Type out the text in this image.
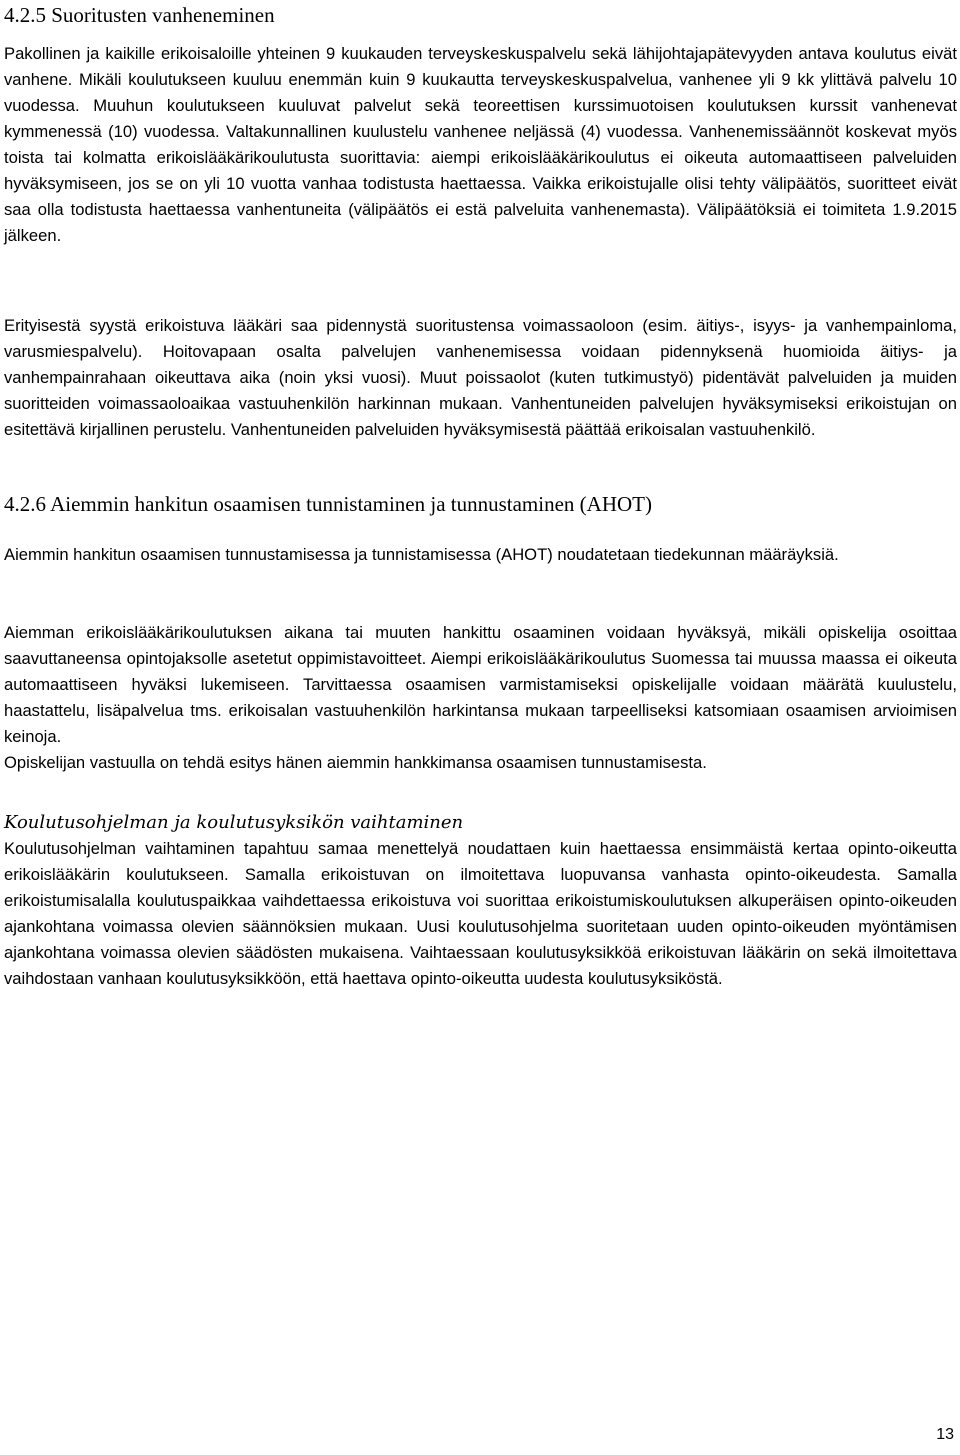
4.2.5 Suoritusten vanheneminen

Pakollinen ja kaikille erikoisaloille yhteinen 9 kuukauden terveyskeskuspalvelu sekä lähijohtajapätevyyden antava koulutus eivät vanhene. Mikäli koulutukseen kuuluu enemmän kuin 9 kuukautta terveyskeskuspalvelua, vanhenee yli 9 kk ylittävä palvelu 10 vuodessa. Muuhun koulutukseen kuuluvat palvelut sekä teoreettisen kurssimuotoisen koulutuksen kurssit vanhenevat kymmenessä (10) vuodessa. Valtakunnallinen kuulustelu vanhenee neljässä (4) vuodessa. Vanhenemissäännöt koskevat myös toista tai kolmatta erikoislääkärikoulutusta suorittavia: aiempi erikoislääkärikoulutus ei oikeuta automaattiseen palveluiden hyväksymiseen, jos se on yli 10 vuotta vanhaa todistusta haettaessa. Vaikka erikoistujalle olisi tehty välipäätös, suoritteet eivät saa olla todistusta haettaessa vanhentuneita (välipäätös ei estä palveluita vanhenemasta). Välipäätöksiä ei toimiteta 1.9.2015 jälkeen.

Erityisestä syystä erikoistuva lääkäri saa pidennystä suoritustensa voimassaoloon (esim. äitiys-, isyys- ja vanhempainloma, varusmiespalvelu). Hoitovapaan osalta palvelujen vanhenemisessa voidaan pidennyksenä huomioida äitiys- ja vanhempainrahaan oikeuttava aika (noin yksi vuosi). Muut poissaolot (kuten tutkimustyö) pidentävät palveluiden ja muiden suoritteiden voimassaoloaikaa vastuuhenkilön harkinnan mukaan. Vanhentuneiden palvelujen hyväksymiseksi erikoistujan on esitettävä kirjallinen perustelu. Vanhentuneiden palveluiden hyväksymisestä päättää erikoisalan vastuuhenkilö.

4.2.6 Aiemmin hankitun osaamisen tunnistaminen ja tunnustaminen (AHOT)

Aiemmin hankitun osaamisen tunnustamisessa ja tunnistamisessa (AHOT) noudatetaan tiedekunnan määräyksiä.

Aiemman erikoislääkärikoulutuksen aikana tai muuten hankittu osaaminen voidaan hyväksyä, mikäli opiskelija osoittaa saavuttaneensa opintojaksolle asetetut oppimistavoitteet. Aiempi erikoislääkärikoulutus Suomessa tai muussa maassa ei oikeuta automaattiseen hyväksi lukemiseen. Tarvittaessa osaamisen varmistamiseksi opiskelijalle voidaan määrätä kuulustelu, haastattelu, lisäpalvelua tms. erikoisalan vastuuhenkilön harkintansa mukaan tarpeelliseksi katsomiaan osaamisen arvioimisen keinoja.

Opiskelijan vastuulla on tehdä esitys hänen aiemmin hankkimansa osaamisen tunnustamisesta.

Koulutusohjelman ja koulutusyksikön vaihtaminen

Koulutusohjelman vaihtaminen tapahtuu samaa menettelyä noudattaen kuin haettaessa ensimmäistä kertaa opinto-oikeutta erikoislääkärin koulutukseen. Samalla erikoistuvan on ilmoitettava luopuvansa vanhasta opinto-oikeudesta. Samalla erikoistumisalalla koulutuspaikkaa vaihdettaessa erikoistuva voi suorittaa erikoistumiskoulutuksen alkuperäisen opinto-oikeuden ajankohtana voimassa olevien säännöksien mukaan. Uusi koulutusohjelma suoritetaan uuden opinto-oikeuden myöntämisen ajankohtana voimassa olevien säädösten mukaisena. Vaihtaessaan koulutusyksikköä erikoistuvan lääkärin on sekä ilmoitettava vaihdostaan vanhaan koulutusyksikköön, että haettava opinto-oikeutta uudesta koulutusyksiköstä.

13
